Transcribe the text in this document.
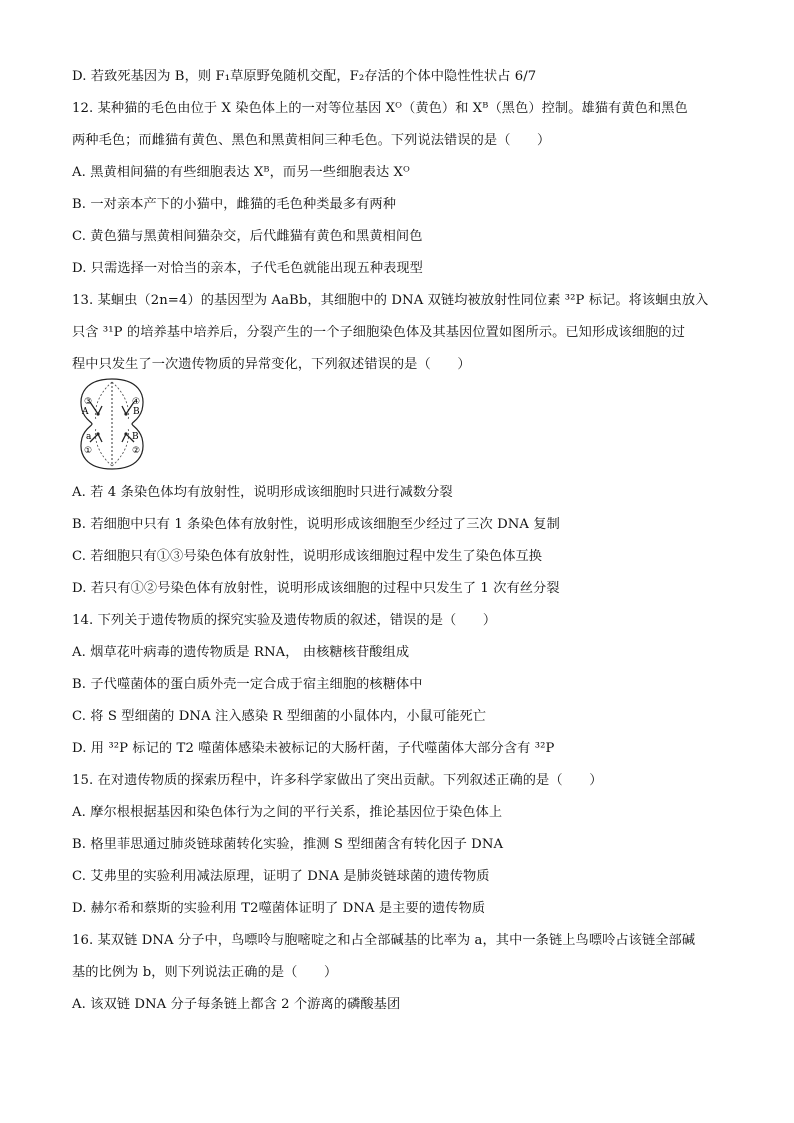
D. 若致死基因为 B，则 F₁草原野兔随机交配，F₂存活的个体中隐性性状占 6/7
12. 某种猫的毛色由位于 X 染色体上的一对等位基因 Xᴼ（黄色）和 Xᴮ（黑色）控制。雄猫有黄色和黑色
两种毛色；而雌猫有黄色、黑色和黑黄相间三种毛色。下列说法错误的是（　　）
A. 黑黄相间猫的有些细胞表达 Xᴮ，而另一些细胞表达 Xᴼ
B. 一对亲本产下的小猫中，雌猫的毛色种类最多有两种
C. 黄色猫与黑黄相间猫杂交，后代雌猫有黄色和黑黄相间色
D. 只需选择一对恰当的亲本，子代毛色就能出现五种表现型
13. 某蛔虫（2n=4）的基因型为 AaBb，其细胞中的 DNA 双链均被放射性同位素 ³²P 标记。将该蛔虫放入
只含 ³¹P 的培养基中培养后，分裂产生的一个子细胞染色体及其基因位置如图所示。已知形成该细胞的过
程中只发生了一次遗传物质的异常变化，下列叙述错误的是（　　）
③
A
a
①
④
B
B
②
A. 若 4 条染色体均有放射性，说明形成该细胞时只进行减数分裂
B. 若细胞中只有 1 条染色体有放射性，说明形成该细胞至少经过了三次 DNA 复制
C. 若细胞只有①③号染色体有放射性，说明形成该细胞过程中发生了染色体互换
D. 若只有①②号染色体有放射性，说明形成该细胞的过程中只发生了 1 次有丝分裂
14. 下列关于遗传物质的探究实验及遗传物质的叙述，错误的是（　　）
A. 烟草花叶病毒的遗传物质是 RNA， 由核糖核苷酸组成
B. 子代噬菌体的蛋白质外壳一定合成于宿主细胞的核糖体中
C. 将 S 型细菌的 DNA 注入感染 R 型细菌的小鼠体内，小鼠可能死亡
D. 用 ³²P 标记的 T2 噬菌体感染未被标记的大肠杆菌，子代噬菌体大部分含有 ³²P
15. 在对遗传物质的探索历程中，许多科学家做出了突出贡献。下列叙述正确的是（　　）
A. 摩尔根根据基因和染色体行为之间的平行关系，推论基因位于染色体上
B. 格里菲思通过肺炎链球菌转化实验，推测 S 型细菌含有转化因子 DNA
C. 艾弗里的实验利用减法原理，证明了 DNA 是肺炎链球菌的遗传物质
D. 赫尔希和蔡斯的实验利用 T2噬菌体证明了 DNA 是主要的遗传物质
16. 某双链 DNA 分子中，鸟嘌呤与胞嘧啶之和占全部碱基的比率为 a，其中一条链上鸟嘌呤占该链全部碱
基的比例为 b，则下列说法正确的是（　　）
A. 该双链 DNA 分子每条链上都含 2 个游离的磷酸基团
